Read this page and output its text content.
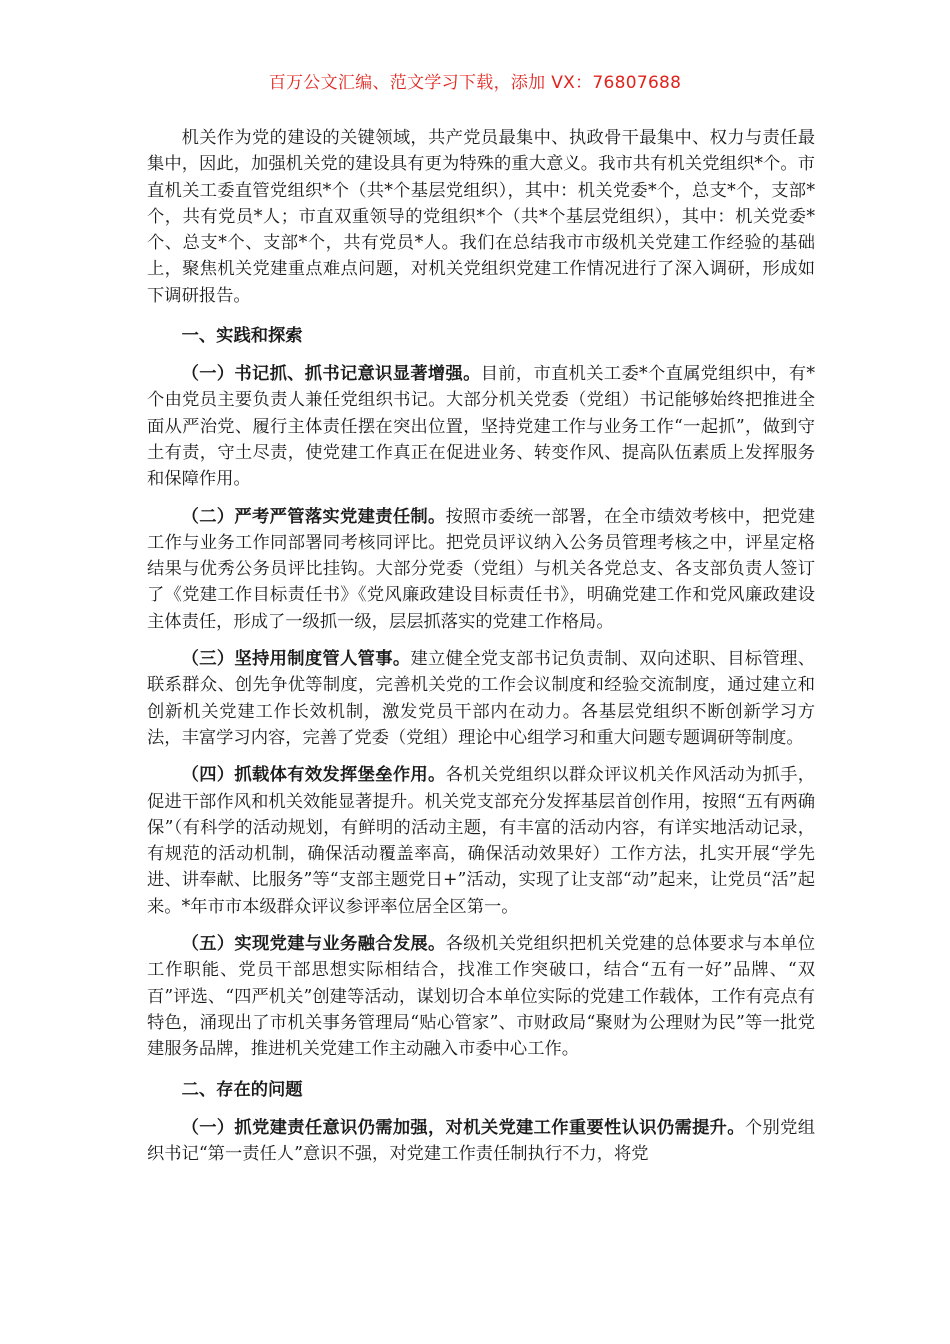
百万公文汇编、范文学习下载，添加 VX：76807688

机关作为党的建设的关键领域，共产党员最集中、执政骨干最集中、权力与责任最集中，因此，加强机关党的建设具有更为特殊的重大意义。我市共有机关党组织*个。市直机关工委直管党组织*个（共*个基层党组织），其中：机关党委*个，总支*个，支部*个，共有党员*人；市直双重领导的党组织*个（共*个基层党组织），其中：机关党委*个、总支*个、支部*个，共有党员*人。我们在总结我市市级机关党建工作经验的基础上，聚焦机关党建重点难点问题，对机关党组织党建工作情况进行了深入调研，形成如下调研报告。

一、实践和探索

（一）书记抓、抓书记意识显著增强。目前，市直机关工委*个直属党组织中，有*个由党员主要负责人兼任党组织书记。大部分机关党委（党组）书记能够始终把推进全面从严治党、履行主体责任摆在突出位置，坚持党建工作与业务工作“一起抓”，做到守土有责，守土尽责，使党建工作真正在促进业务、转变作风、提高队伍素质上发挥服务和保障作用。

（二）严考严管落实党建责任制。按照市委统一部署，在全市绩效考核中，把党建工作与业务工作同部署同考核同评比。把党员评议纳入公务员管理考核之中，评星定格结果与优秀公务员评比挂钩。大部分党委（党组）与机关各党总支、各支部负责人签订了《党建工作目标责任书》《党风廉政建设目标责任书》，明确党建工作和党风廉政建设主体责任，形成了一级抓一级，层层抓落实的党建工作格局。

（三）坚持用制度管人管事。建立健全党支部书记负责制、双向述职、目标管理、联系群众、创先争优等制度，完善机关党的工作会议制度和经验交流制度，通过建立和创新机关党建工作长效机制，激发党员干部内在动力。各基层党组织不断创新学习方法，丰富学习内容，完善了党委（党组）理论中心组学习和重大问题专题调研等制度。

（四）抓载体有效发挥堡垒作用。各机关党组织以群众评议机关作风活动为抓手，促进干部作风和机关效能显著提升。机关党支部充分发挥基层首创作用，按照“五有两确保”（有科学的活动规划，有鲜明的活动主题，有丰富的活动内容，有详实地活动记录，有规范的活动机制，确保活动覆盖率高，确保活动效果好）工作方法，扎实开展“学先进、讲奉献、比服务”等“支部主题党日+”活动，实现了让支部“动”起来，让党员“活”起来。*年市市本级群众评议参评率位居全区第一。

（五）实现党建与业务融合发展。各级机关党组织把机关党建的总体要求与本单位工作职能、党员干部思想实际相结合，找准工作突破口，结合“五有一好”品牌、“双百”评选、“四严机关”创建等活动，谋划切合本单位实际的党建工作载体，工作有亮点有特色，涌现出了市机关事务管理局“贴心管家”、市财政局“聚财为公理财为民”等一批党建服务品牌，推进机关党建工作主动融入市委中心工作。

二、存在的问题

（一）抓党建责任意识仍需加强，对机关党建工作重要性认识仍需提升。个别党组织书记“第一责任人”意识不强，对党建工作责任制执行不力，将党
